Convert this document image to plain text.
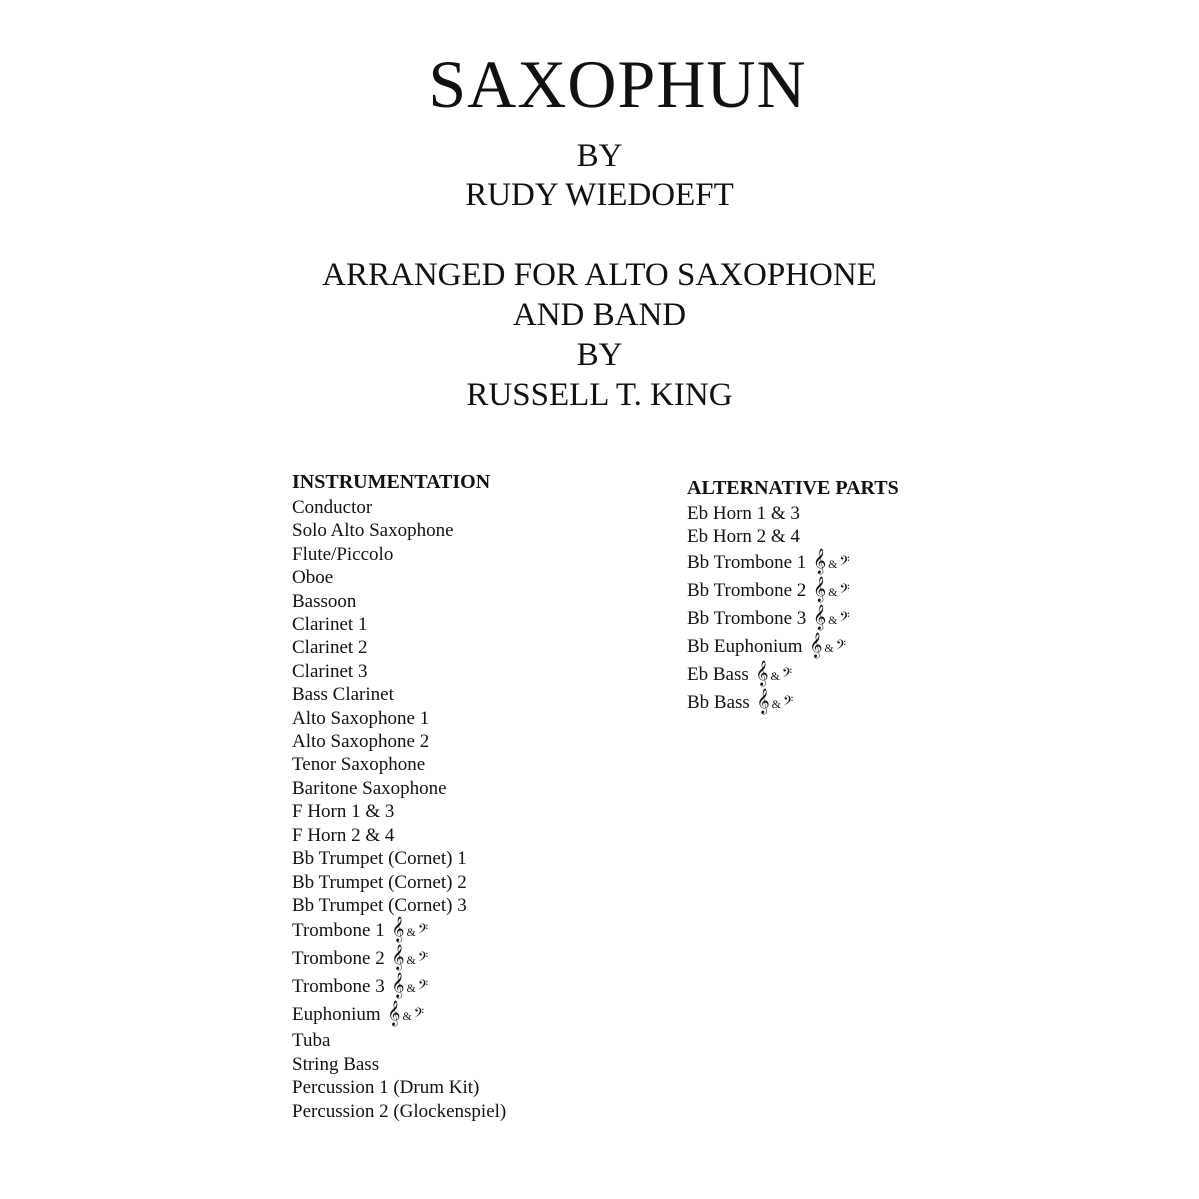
SAXOPHUN
BY
RUDY WIEDOEFT
ARRANGED FOR ALTO SAXOPHONE
AND BAND
BY
RUSSELL T. KING
INSTRUMENTATION
Conductor
Solo Alto Saxophone
Flute/Piccolo
Oboe
Bassoon
Clarinet 1
Clarinet 2
Clarinet 3
Bass Clarinet
Alto Saxophone 1
Alto Saxophone 2
Tenor Saxophone
Baritone Saxophone
F Horn 1 & 3
F Horn 2 & 4
Bb Trumpet (Cornet) 1
Bb Trumpet (Cornet) 2
Bb Trumpet (Cornet) 3
Trombone 1 𝄞 & 𝄢
Trombone 2 𝄞 & 𝄢
Trombone 3 𝄞 & 𝄢
Euphonium 𝄞 & 𝄢
Tuba
String Bass
Percussion 1 (Drum Kit)
Percussion 2 (Glockenspiel)
ALTERNATIVE PARTS
Eb Horn 1 & 3
Eb Horn 2 & 4
Bb Trombone 1 𝄞 & 𝄢
Bb Trombone 2 𝄞 & 𝄢
Bb Trombone 3 𝄞 & 𝄢
Bb Euphonium 𝄞 & 𝄢
Eb Bass 𝄞 & 𝄢
Bb Bass 𝄞 & 𝄢
